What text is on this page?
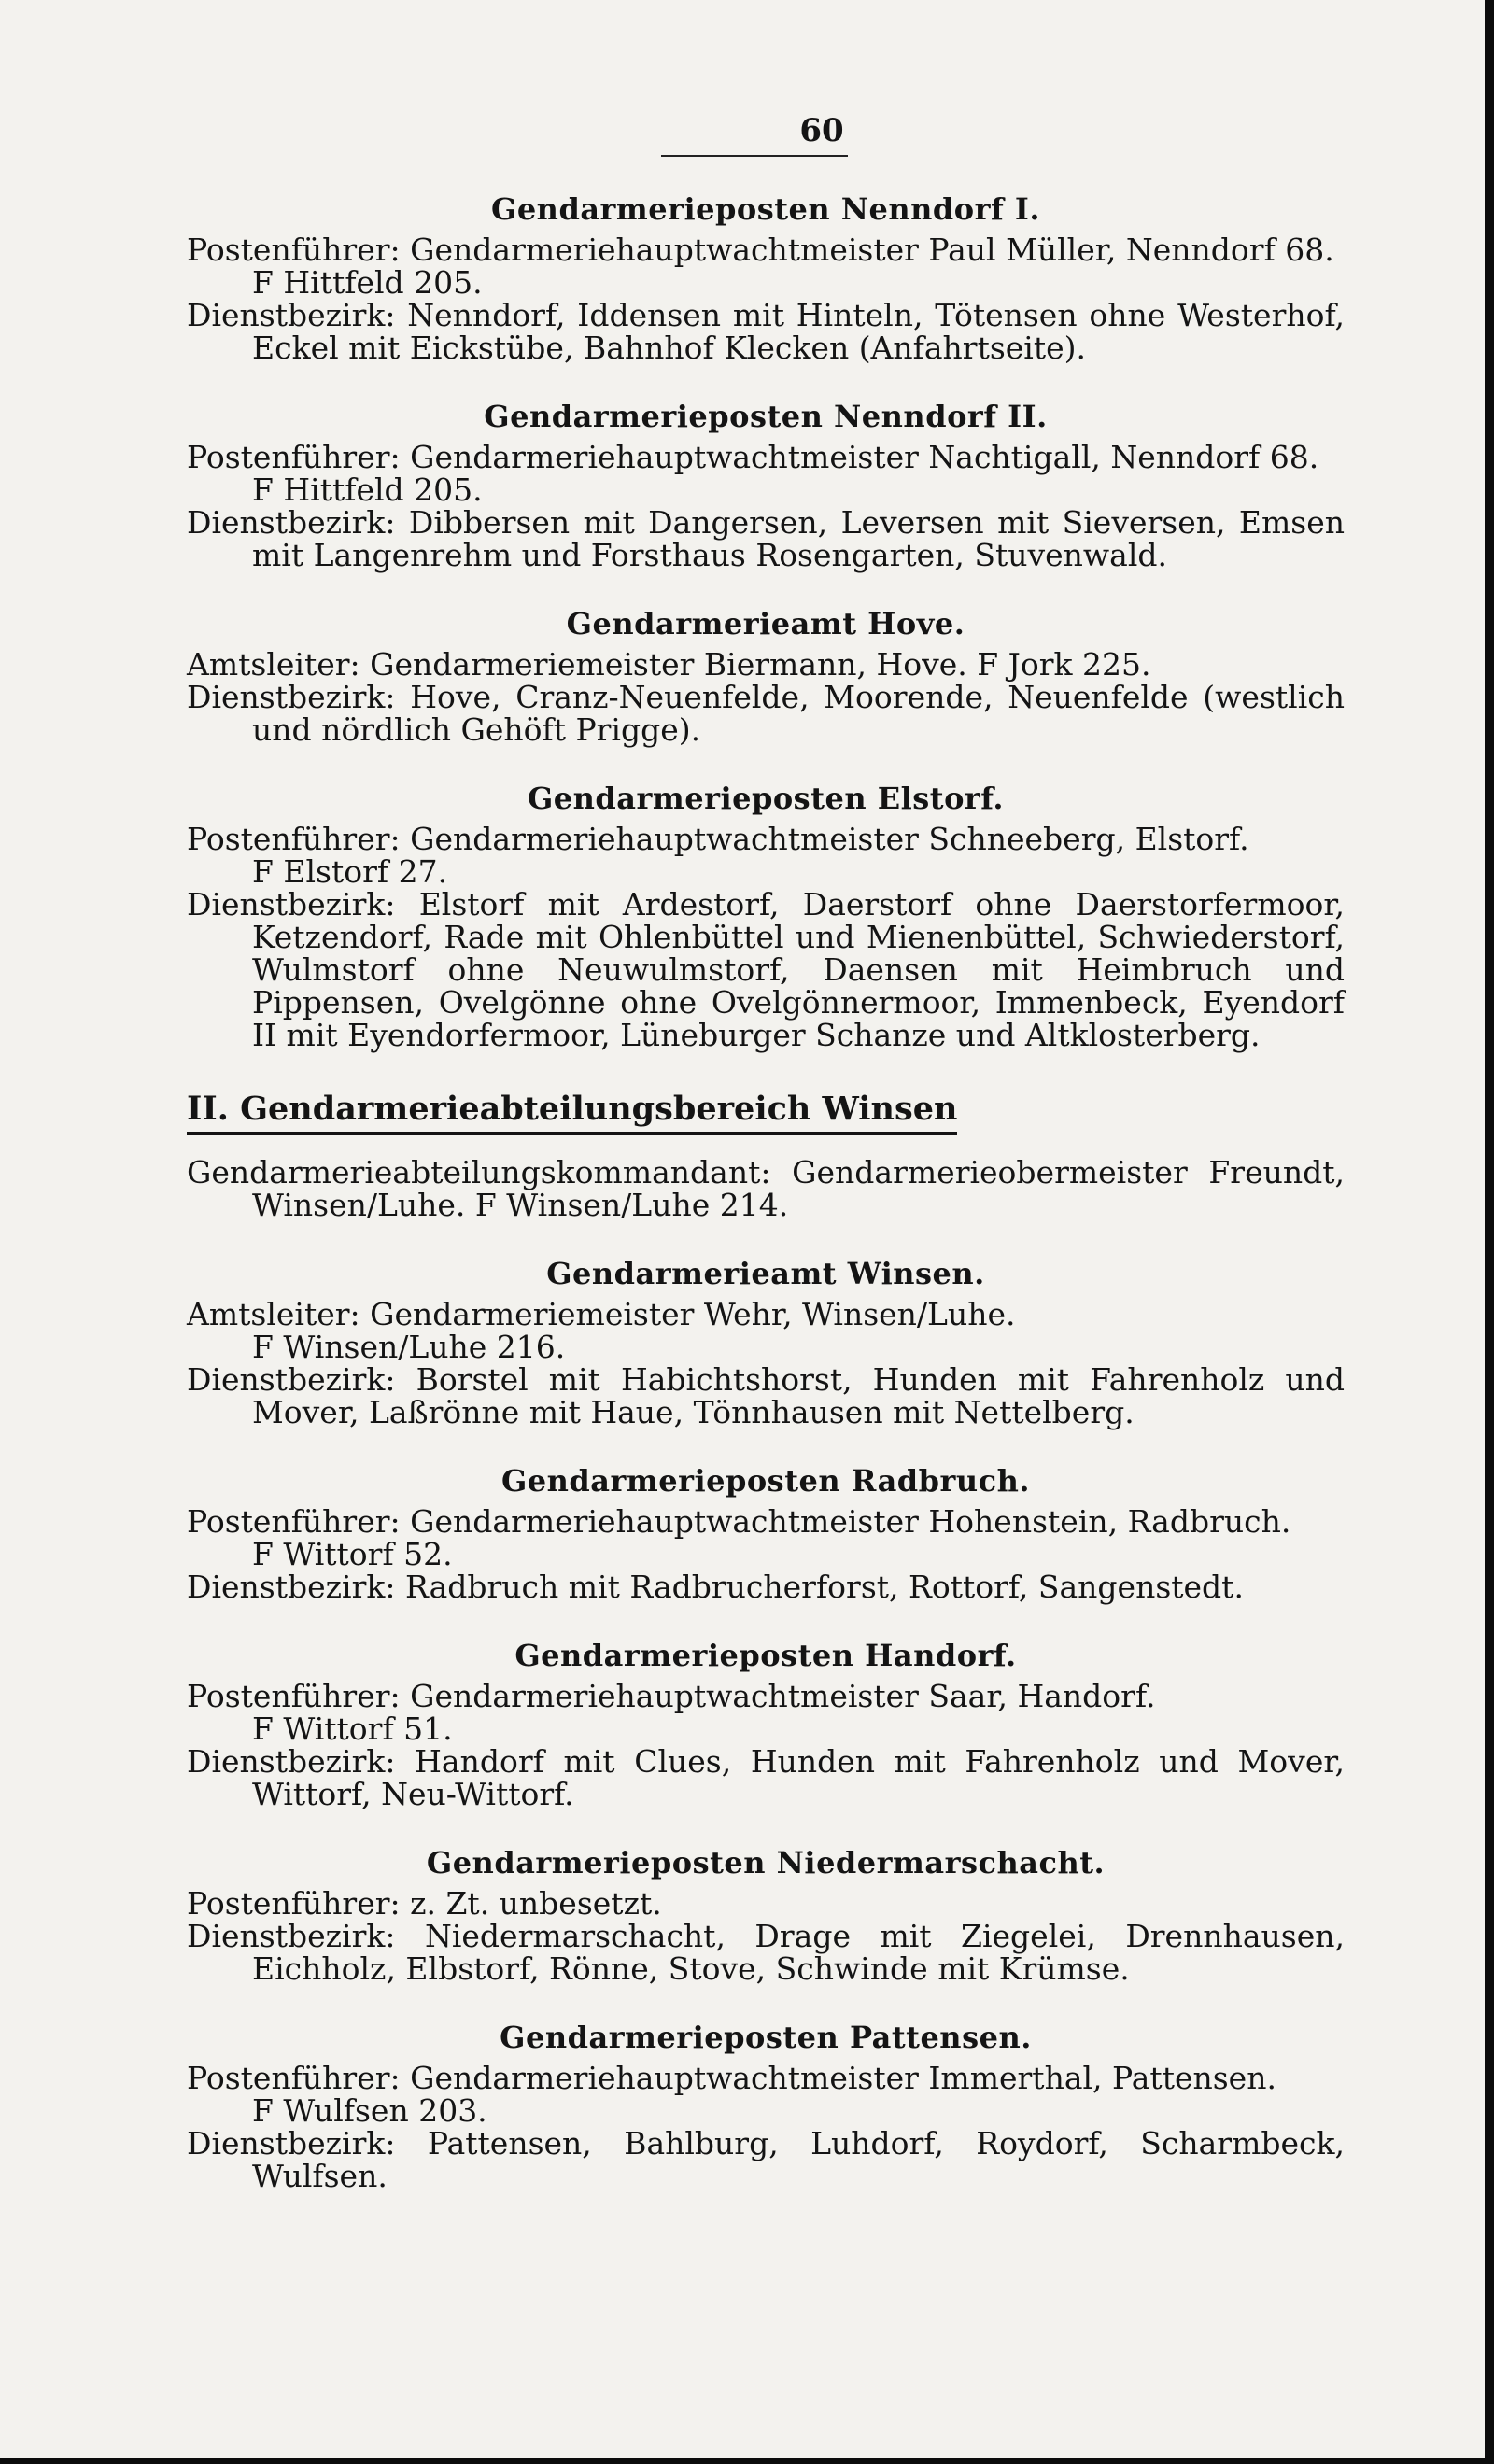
60
Gendarmerieposten Nenndorf I.

Postenführer: Gendarmeriehauptwachtmeister Paul Müller, Nenndorf 68.

F Hittfeld 205.

Dienstbezirk: Nenndorf, Iddensen mit Hinteln, Tötensen ohne Westerhof, Eckel mit Eickstübe, Bahnhof Klecken (Anfahrtseite).

Gendarmerieposten Nenndorf II.

Postenführer: Gendarmeriehauptwachtmeister Nachtigall, Nenndorf 68.

F Hittfeld 205.

Dienstbezirk: Dibbersen mit Dangersen, Leversen mit Sieversen, Emsen mit Langenrehm und Forsthaus Rosengarten, Stuvenwald.

Gendarmerieamt Hove.

Amtsleiter: Gendarmeriemeister Biermann, Hove. F Jork 225.

Dienstbezirk: Hove, Cranz-Neuenfelde, Moorende, Neuenfelde (westlich und nördlich Gehöft Prigge).

Gendarmerieposten Elstorf.

Postenführer: Gendarmeriehauptwachtmeister Schneeberg, Elstorf.

F Elstorf 27.

Dienstbezirk: Elstorf mit Ardestorf, Daerstorf ohne Daerstorfermoor, Ketzendorf, Rade mit Ohlenbüttel und Mienenbüttel, Schwiederstorf, Wulmstorf ohne Neuwulmstorf, Daensen mit Heimbruch und Pippensen, Ovelgönne ohne Ovelgönnermoor, Immenbeck, Eyendorf II mit Eyendorfermoor, Lüneburger Schanze und Altklosterberg.

II. Gendarmerieabteilungsbereich Winsen

Gendarmerieabteilungskommandant: Gendarmerieobermeister Freundt, Winsen/Luhe. F Winsen/Luhe 214.

Gendarmerieamt Winsen.

Amtsleiter: Gendarmeriemeister Wehr, Winsen/Luhe.

F Winsen/Luhe 216.

Dienstbezirk: Borstel mit Habichtshorst, Hunden mit Fahrenholz und Mover, Laßrönne mit Haue, Tönnhausen mit Nettelberg.

Gendarmerieposten Radbruch.

Postenführer: Gendarmeriehauptwachtmeister Hohenstein, Radbruch.

F Wittorf 52.

Dienstbezirk: Radbruch mit Radbrucherforst, Rottorf, Sangenstedt.

Gendarmerieposten Handorf.

Postenführer: Gendarmeriehauptwachtmeister Saar, Handorf.

F Wittorf 51.

Dienstbezirk: Handorf mit Clues, Hunden mit Fahrenholz und Mover, Wittorf, Neu-Wittorf.

Gendarmerieposten Niedermarschacht.

Postenführer: z. Zt. unbesetzt.

Dienstbezirk: Niedermarschacht, Drage mit Ziegelei, Drennhausen, Eichholz, Elbstorf, Rönne, Stove, Schwinde mit Krümse.

Gendarmerieposten Pattensen.

Postenführer: Gendarmeriehauptwachtmeister Immerthal, Pattensen.

F Wulfsen 203.

Dienstbezirk: Pattensen, Bahlburg, Luhdorf, Roydorf, Scharmbeck, Wulfsen.
